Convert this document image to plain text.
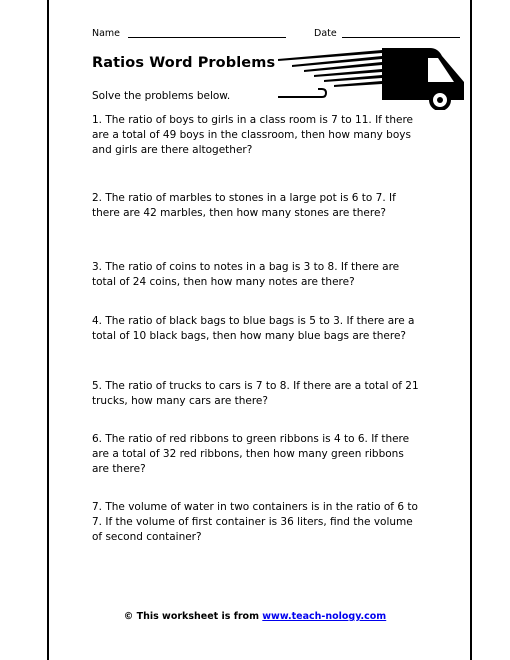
Name	Date
Ratios Word Problems
Solve the problems below.
1. The ratio of boys to girls in a class room is 7 to 11. If there are a total of 49 boys in the classroom, then how many boys and girls are there altogether?
2. The ratio of marbles to stones in a large pot is 6 to 7. If there are 42 marbles, then how many stones are there?
3. The ratio of coins to notes in a bag is 3 to 8. If there are total of 24 coins, then how many notes are there?
4. The ratio of black bags to blue bags is 5 to 3. If there are a total of 10 black bags, then how many blue bags are there?
5. The ratio of trucks to cars is 7 to 8. If there are a total of 21 trucks, how many cars are there?
6. The ratio of red ribbons to green ribbons is 4 to 6. If there are a total of 32 red ribbons, then how many green ribbons are there?
7. The volume of water in two containers is in the ratio of 6 to 7. If the volume of first container is 36 liters, find the volume of second container?
© This worksheet is from www.teach-nology.com
